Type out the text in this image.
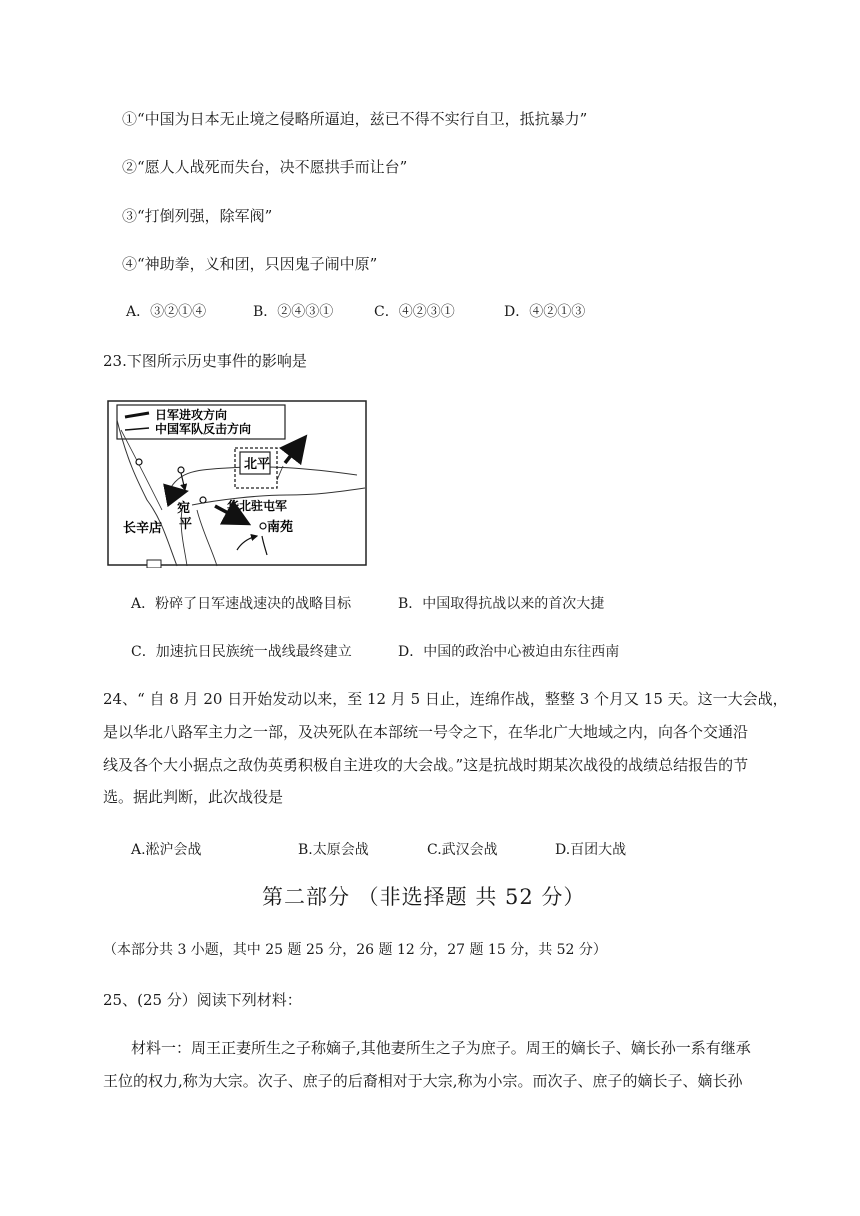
①“中国为日本无止境之侵略所逼迫，兹已不得不实行自卫，抵抗暴力”
②“愿人人战死而失台，决不愿拱手而让台”
③“打倒列强，除军阀”
④“神助拳，义和团，只因鬼子闹中原”
A．③②①④	B．②④③①	C．④②③①	D．④②①③
23.下图所示历史事件的影响是
日军进攻方向
中国军队反击方向
北平
华北驻屯军
宛
平
长辛店	南苑
A．粉碎了日军速战速决的战略目标	B．中国取得抗战以来的首次大捷
C．加速抗日民族统一战线最终建立	D．中国的政治中心被迫由东往西南
24、“ 自 8 月 20 日开始发动以来，至 12 月 5 日止，连绵作战，整整 3 个月又 15 天。这一大会战，
是以华北八路军主力之一部，及决死队在本部统一号令之下，在华北广大地域之内，向各个交通沿
线及各个大小据点之敌伪英勇积极自主进攻的大会战。”这是抗战时期某次战役的战绩总结报告的节
选。据此判断，此次战役是
A.淞沪会战	B.太原会战	C.武汉会战	D.百团大战
第二部分 （非选择题 共 52 分）
（本部分共 3 小题，其中 25 题 25 分，26 题 12 分，27 题 15 分，共 52 分）
25、(25 分）阅读下列材料：
材料一：周王正妻所生之子称嫡子,其他妻所生之子为庶子。周王的嫡长子、嫡长孙一系有继承
王位的权力,称为大宗。次子、庶子的后裔相对于大宗,称为小宗。而次子、庶子的嫡长子、嫡长孙
